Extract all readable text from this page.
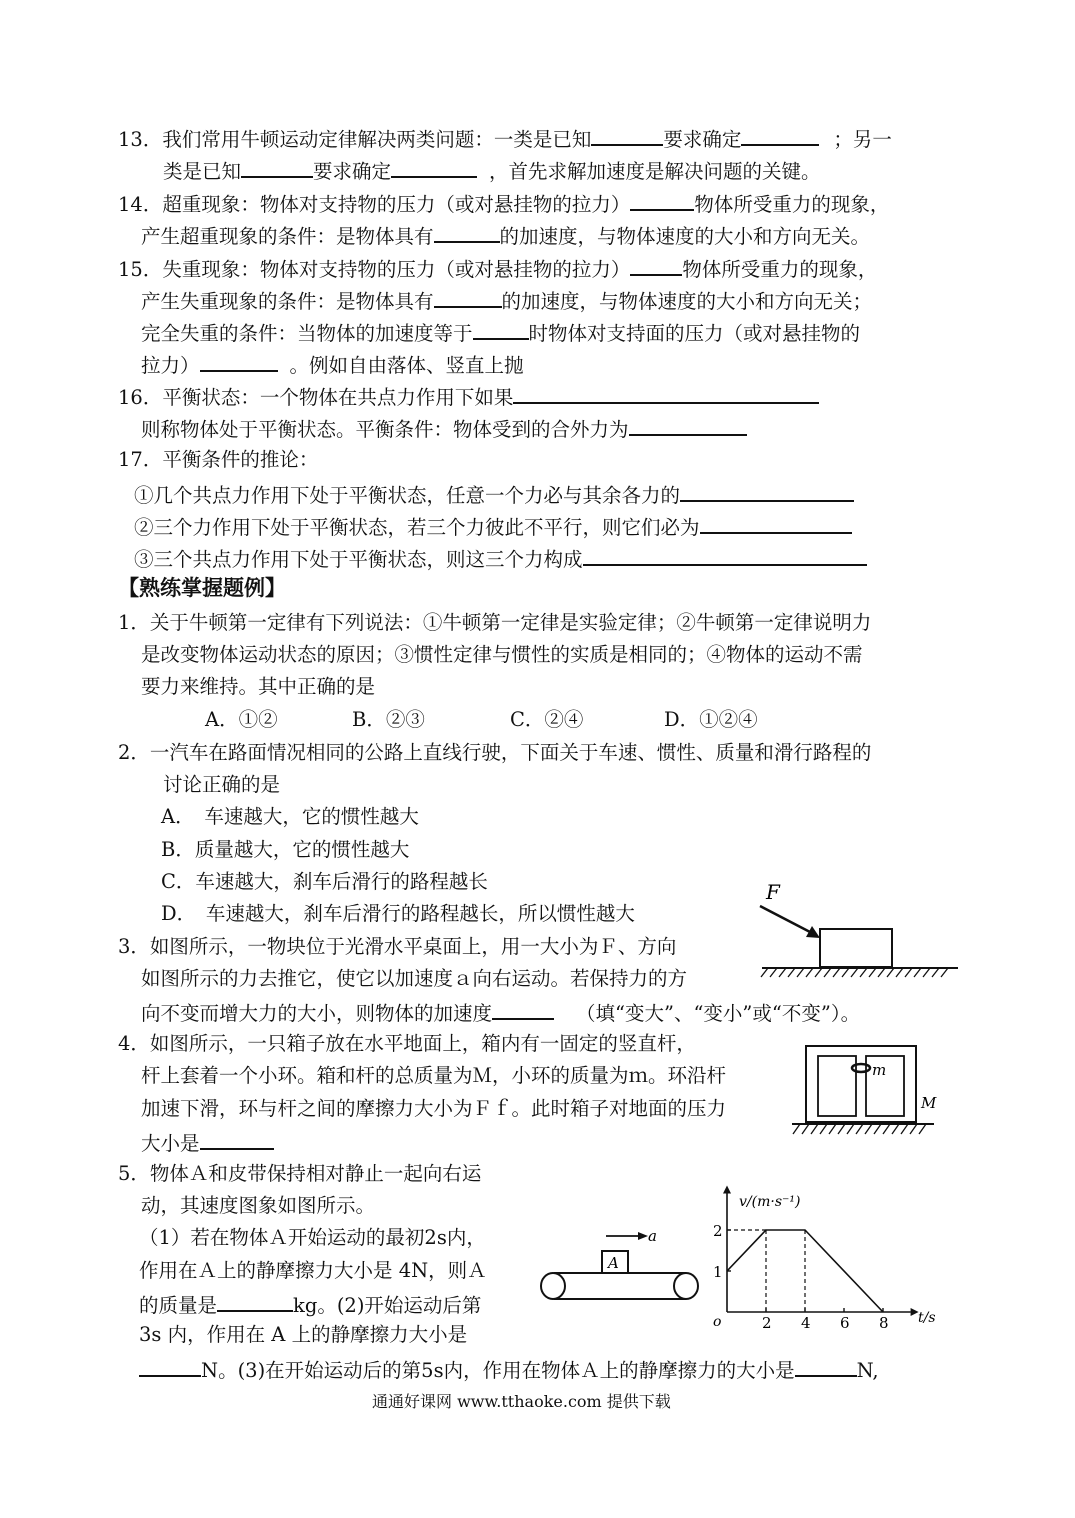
13．我们常用牛顿运动定律解决两类问题：一类是已知	要求确定	；另一
类是已知	要求确定	，首先求解加速度是解决问题的关键。
14．超重现象：物体对支持物的压力（或对悬挂物的拉力）	物体所受重力的现象，
产生超重现象的条件：是物体具有	的加速度，与物体速度的大小和方向无关。
15．失重现象：物体对支持物的压力（或对悬挂物的拉力）	物体所受重力的现象，
产生失重现象的条件：是物体具有	的加速度，与物体速度的大小和方向无关；
完全失重的条件：当物体的加速度等于	时物体对支持面的压力（或对悬挂物的
拉力）	。例如自由落体、竖直上抛
16．平衡状态：一个物体在共点力作用下如果
则称物体处于平衡状态。平衡条件：物体受到的合外力为
17．平衡条件的推论：
①几个共点力作用下处于平衡状态，任意一个力必与其余各力的
②三个力作用下处于平衡状态，若三个力彼此不平行，则它们必为
③三个共点力作用下处于平衡状态，则这三个力构成
【熟练掌握题例】
1．关于牛顿第一定律有下列说法：①牛顿第一定律是实验定律；②牛顿第一定律说明力
是改变物体运动状态的原因；③惯性定律与惯性的实质是相同的；④物体的运动不需
要力来维持。其中正确的是
A．①②	B．②③	C．②④	D．①②④
2．一汽车在路面情况相同的公路上直线行驶，下面关于车速、惯性、质量和滑行路程的
讨论正确的是
A．　车速越大，它的惯性越大
B．质量越大，它的惯性越大
C．车速越大，刹车后滑行的路程越长
D．　车速越大，刹车后滑行的路程越长，所以惯性越大
3．如图所示，一物块位于光滑水平桌面上，用一大小为Ｆ、方向
如图所示的力去推它，使它以加速度ａ向右运动。若保持力的方
向不变而增大力的大小，则物体的加速度	（填“变大”、“变小”或“不变”）。
F
4．如图所示，一只箱子放在水平地面上，箱内有一固定的竖直杆，
杆上套着一个小环。箱和杆的总质量为Ｍ，小环的质量为ｍ。环沿杆
加速下滑，环与杆之间的摩擦力大小为Ｆｆ。此时箱子对地面的压力
大小是
m
M
5．物体Ａ和皮带保持相对静止一起向右运
动，其速度图象如图所示。
（1）若在物体Ａ开始运动的最初2s内，
作用在Ａ上的静摩擦力大小是 4N，则Ａ
的质量是	kg。(2)开始运动后第
3s 内，作用在 A 上的静摩擦力大小是
N。(3)在开始运动后的第5s内，作用在物体Ａ上的静摩擦力的大小是	N,
a
A
2 4 6 8
1
2
v/(m·s⁻¹)
t/s
o
通通好课网 www.tthaoke.com 提供下载
